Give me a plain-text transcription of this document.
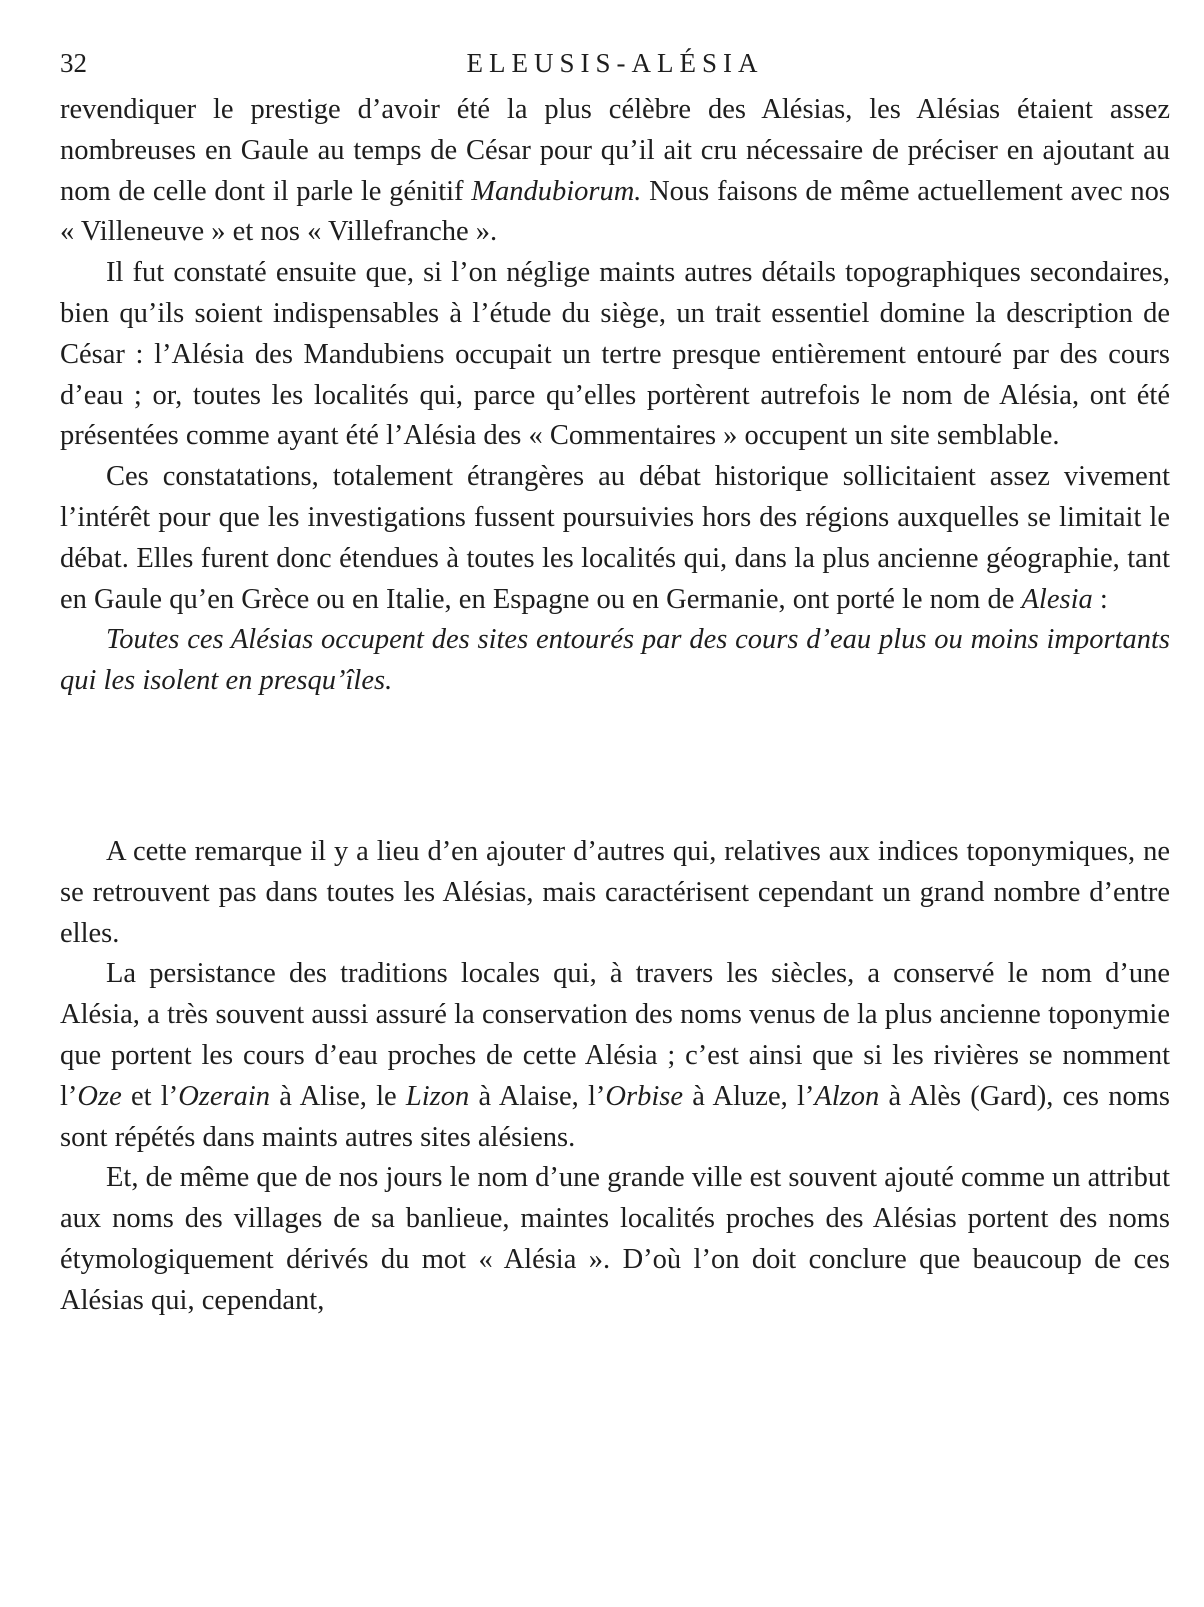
32	ELEUSIS-ALÉSIA

revendiquer le prestige d’avoir été la plus célèbre des Alésias, les Alésias étaient assez nombreuses en Gaule au temps de César pour qu’il ait cru nécessaire de préciser en ajoutant au nom de celle dont il parle le génitif Mandubiorum. Nous faisons de même actuellement avec nos « Villeneuve » et nos « Villefranche ».

Il fut constaté ensuite que, si l’on néglige maints autres détails topographiques secondaires, bien qu’ils soient indispensables à l’étude du siège, un trait essentiel domine la description de César : l’Alésia des Mandubiens occupait un tertre presque entièrement entouré par des cours d’eau ; or, toutes les localités qui, parce qu’elles portèrent autrefois le nom de Alésia, ont été présentées comme ayant été l’Alésia des « Commentaires » occupent un site semblable.

Ces constatations, totalement étrangères au débat historique sollicitaient assez vivement l’intérêt pour que les investigations fussent poursuivies hors des régions auxquelles se limitait le débat. Elles furent donc étendues à toutes les localités qui, dans la plus ancienne géographie, tant en Gaule qu’en Grèce ou en Italie, en Espagne ou en Germanie, ont porté le nom de Alesia :

Toutes ces Alésias occupent des sites entourés par des cours d’eau plus ou moins importants qui les isolent en presqu’îles.

A cette remarque il y a lieu d’en ajouter d’autres qui, relatives aux indices toponymiques, ne se retrouvent pas dans toutes les Alésias, mais caractérisent cependant un grand nombre d’entre elles.

La persistance des traditions locales qui, à travers les siècles, a conservé le nom d’une Alésia, a très souvent aussi assuré la conservation des noms venus de la plus ancienne toponymie que portent les cours d’eau proches de cette Alésia ; c’est ainsi que si les rivières se nomment l’Oze et l’Ozerain à Alise, le Lizon à Alaise, l’Orbise à Aluze, l’Alzon à Alès (Gard), ces noms sont répétés dans maints autres sites alésiens.

Et, de même que de nos jours le nom d’une grande ville est souvent ajouté comme un attribut aux noms des villages de sa banlieue, maintes localités proches des Alésias portent des noms étymologiquement dérivés du mot « Alésia ». D’où l’on doit conclure que beaucoup de ces Alésias qui, cependant,
